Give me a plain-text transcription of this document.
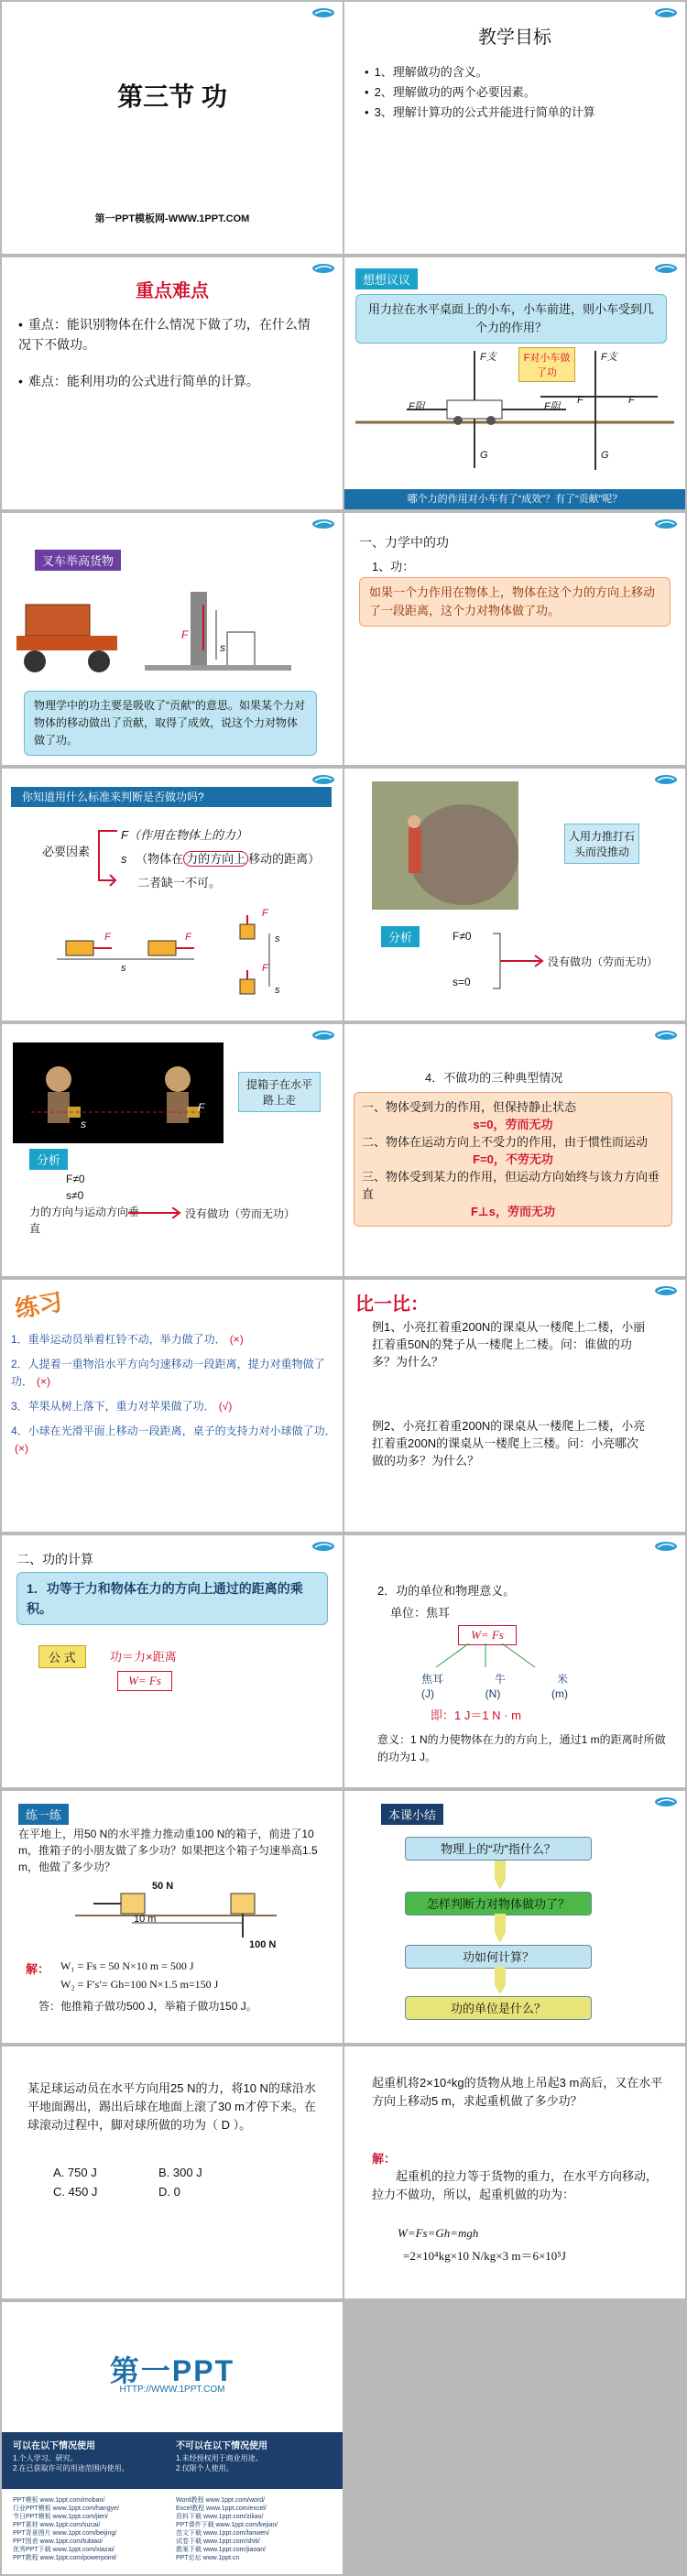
第三节 功
第一PPT模板网-WWW.1PPT.COM
教学目标
• 1、理解做功的含义。
• 2、理解做功的两个必要因素。
• 3、理解计算功的公式并能进行简单的计算
重点难点
• 重点：能识别物体在什么情况下做了功，在什么情况下不做功。
• 难点：能利用功的公式进行简单的计算。
想想议议
用力拉在水平桌面上的小车，小车前进，则小车受到几个力的作用？
F对小车做了功
F支	F支
F
F阻	F阻
F
G	G
哪个力的作用对小车有了“成效”？有了“贡献”呢？
叉车举高货物
F
s
物理学中的功主要是吸收了“贡献”的意思。如果某个力对物体的移动做出了贡献，取得了成效，说这个力对物体做了功。
一、力学中的功
1、功：
如果一个力作用在物体上，物体在这个力的方向上移动了一段距离，这个力对物体做了功。
你知道用什么标准来判断是否做功吗?
必要因素
F（作用在物体上的力）
s （物体在 力的方向上 移动的距离）
二者缺一不可。
F	F
F
F
s
s
s
人用力推打石头而没推动
分析	F≠0
s=0
没有做功（劳而无功）
s
F
提箱子在水平路上走
分析
F≠0
s≠0
力的方向与运动方向垂直
没有做功（劳而无功）
4．不做功的三种典型情况
一、物体受到力的作用，但保持静止状态
s=0，劳而无功
二、物体在运动方向上不受力的作用，由于惯性而运动
F=0，不劳无功
三、物体受到某力的作用，但运动方向始终与该力方向垂直
F⊥s，劳而无功
练习
1．重举运动员举着杠铃不动，举力做了功． (×)
2．人提着一重物沿水平方向匀速移动一段距离，提力对重物做了功． (×)
3．苹果从树上落下，重力对苹果做了功． (√)
4．小球在光滑平面上移动一段距离，桌子的支持力对小球做了功．(×)
比一比：
例1、小亮扛着重200N的课桌从一楼爬上二楼，小丽扛着重50N的凳子从一楼爬上二楼。问：谁做的功多？为什么？
例2、小亮扛着重200N的课桌从一楼爬上二楼，小亮扛着重200N的课桌从一楼爬上三楼。问：小亮哪次做的功多？为什么？
二、功的计算
1．功等于力和物体在力的方向上通过的距离的乘积。
公 式	功＝力×距离
W= Fs
2．功的单位和物理意义。
单位：焦耳
W= Fs
焦耳	牛	米
(J)	(N)	(m)
即：1 J＝1 N · m
意义：1 N的力使物体在力的方向上，通过1 m的距离时所做的功为1 J。
练一练
在平地上，用50 N的水平推力推动重100 N的箱子，前进了10 m，推箱子的小朋友做了多少功？如果把这个箱子匀速举高1.5 m，他做了多少功？
50 N
10 m
100 N
解： W₁ = Fs = 50 N×10 m = 500 J
W₂ = F′s′= Gh=100 N×1.5 m=150 J
答：他推箱子做功500 J，举箱子做功150 J。
本课小结
物理上的“功”指什么？
怎样判断力对物体做功了？
功如何计算？
功的单位是什么？
某足球运动员在水平方向用25 N的力，将10 N的球沿水平地面踢出，踢出后球在地面上滚了30 m才停下来。在球滚动过程中，脚对球所做的功为（ D ）。
A. 750 J	B. 300 J
C. 450 J	D. 0
起重机将2×10⁴kg的货物从地上吊起3 m高后，又在水平方向上移动5 m，求起重机做了多少功？
解：
起重机的拉力等于货物的重力，在水平方向移动，拉力不做功，所以，起重机做的功为：
W=Fs=Gh=mgh
=2×10⁴kg×10 N/kg×3 m＝6×10⁵J
第一PPT
HTTP://WWW.1PPT.COM
可以在以下情况使用
1.个人学习、研究。
2.在已获取许可的用途范围内使用。
不可以在以下情况使用
1.未经授权用于商业用途。
2.仅限个人使用。
PPT模板 www.1ppt.com/moban/
行业PPT模板 www.1ppt.com/hangye/
节日PPT模板 www.1ppt.com/jieri/
PPT素材 www.1ppt.com/sucai/
PPT背景图片 www.1ppt.com/beijing/
PPT图表 www.1ppt.com/tubiao/
优秀PPT下载 www.1ppt.com/xiazai/
PPT教程 www.1ppt.com/powerpoint/
Word教程 www.1ppt.com/word/
Excel教程 www.1ppt.com/excel/
资料下载 www.1ppt.com/ziliao/
PPT课件下载 www.1ppt.com/kejian/
范文下载 www.1ppt.com/fanwen/
试卷下载 www.1ppt.com/shiti/
教案下载 www.1ppt.com/jiaoan/
PPT论坛 www.1ppt.cn
